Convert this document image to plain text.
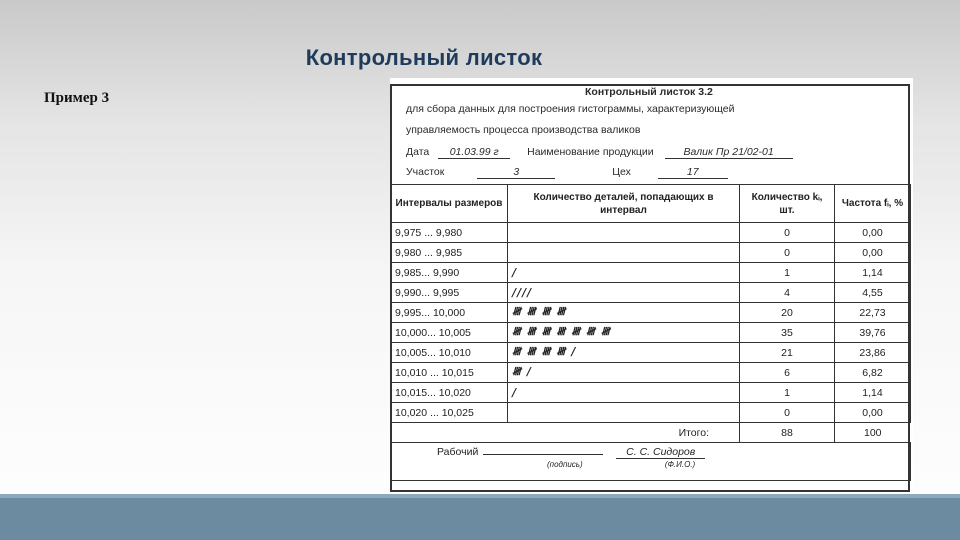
Контрольный листок
Пример 3	Контрольный листок 3.2
для сбора данных для построения гистограммы, характеризующей
управляемость процесса производства валиков
Дата 01.03.99 г	Наименование продукции	Валик Пр 21/02-01
Участок	3	Цех	17
Интервалы размеров	Количество деталей, попадающих в интервал	Количество kᵢ, шт.	Частота fᵢ, %
9,975 ... 9,980		0	0,00
9,980 ... 9,985		0	0,00
9,985... 9,990	/	1	1,14
9,990... 9,995	////	4	4,55
9,995... 10,000	𝍸 𝍸 𝍸 𝍸	20	22,73
10,000... 10,005	𝍸 𝍸 𝍸 𝍸 𝍸 𝍸 𝍸	35	39,76
10,005... 10,010	𝍸 𝍸 𝍸 𝍸 /	21	23,86
10,010 ... 10,015	𝍸 /	6	6,82
10,015... 10,020	/	1	1,14
10,020 ... 10,025		0	0,00
Итого:		88	100

Рабочий С. С. Сидоров
(подпись) (Ф.И.О.)			
